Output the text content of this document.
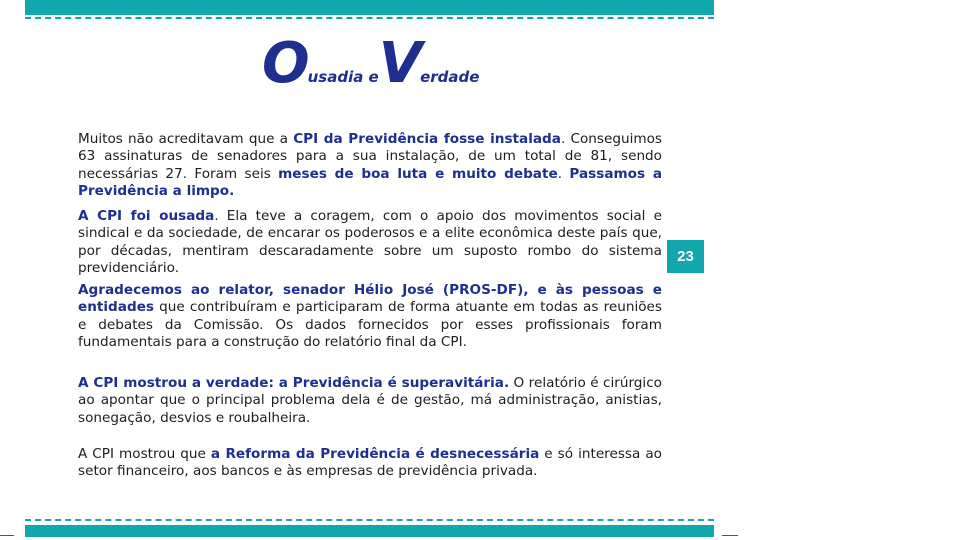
Ousadia eVerdade

Muitos não acreditavam que a CPI da Previdência fosse instalada. Conseguimos 63 assinaturas de senadores para a sua instalação, de um total de 81, sendo necessárias 27. Foram seis meses de boa luta e muito debate. Passamos a Previdência a limpo.

A CPI foi ousada. Ela teve a coragem, com o apoio dos movimentos social e sindical e da sociedade, de encarar os poderosos e a elite econômica deste país que, por décadas, mentiram descaradamente sobre um suposto rombo do sistema previdenciário.

Agradecemos ao relator, senador Hélio José (PROS-DF), e às pessoas e entidades que contribuíram e participaram de forma atuante em todas as reuniões e debates da Comissão. Os dados fornecidos por esses profissionais foram fundamentais para a construção do relatório final da CPI.

A CPI mostrou a verdade: a Previdência é superavitária. O relatório é cirúrgico ao apontar que o principal problema dela é de gestão, má administração, anistias, sonegação, desvios e roubalheira.

A CPI mostrou que a Reforma da Previdência é desnecessária e só interessa ao setor financeiro, aos bancos e às empresas de previdência privada.

23
